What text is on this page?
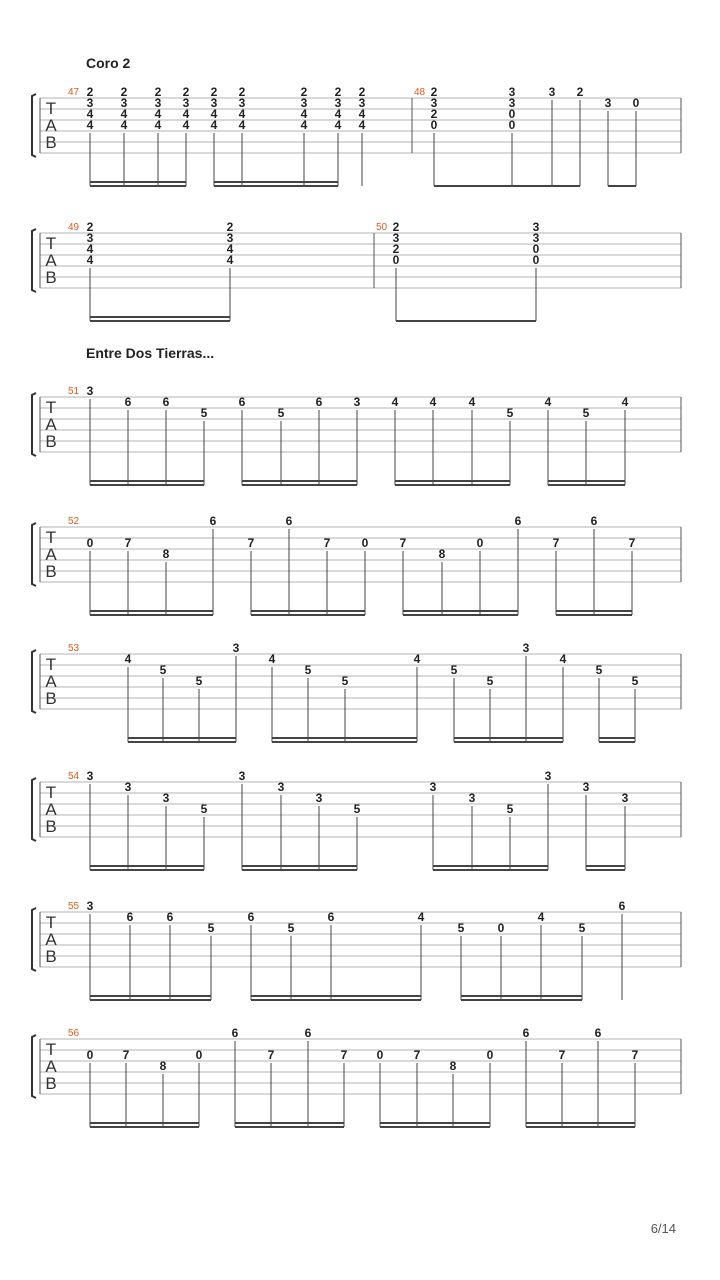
Coro 2
Entre Dos Tierras...
T
A
B
47 2
3
4
4
2
3
4
4
2
3
4
4
2
3
4
4
2
3
4
4
2
3
4
4
2
3
4
4
2
3
4
4
2
3
4
4
48 2
3
2
0
3
3
0
0
3 2
3 0
T
A
B
49 2
3
4
4
2
3
4
4
50 2
3
2
0
3
3
0
0
T
A
B
51 3
6	6
5
6
5
6	3	4	4	4
5
4
5
4
T
A
B
52
0	7
8
6
7
6
7	0	7
8
0
6
7
6
7
T
A
B
53
4
5
5
3
4
5
5
4
5
5
3
4
5
5
T
A
B
54 3
3
3
5
3
3
3
5
3
3
5
3
3
3
T
A
B
55 3
6	6
5
6
5
6	4
5	0
4
5
6
T
A
B
56
0 7
8
0
6
7
6
7 0	7
8
0
6
7
6
7
6/14
